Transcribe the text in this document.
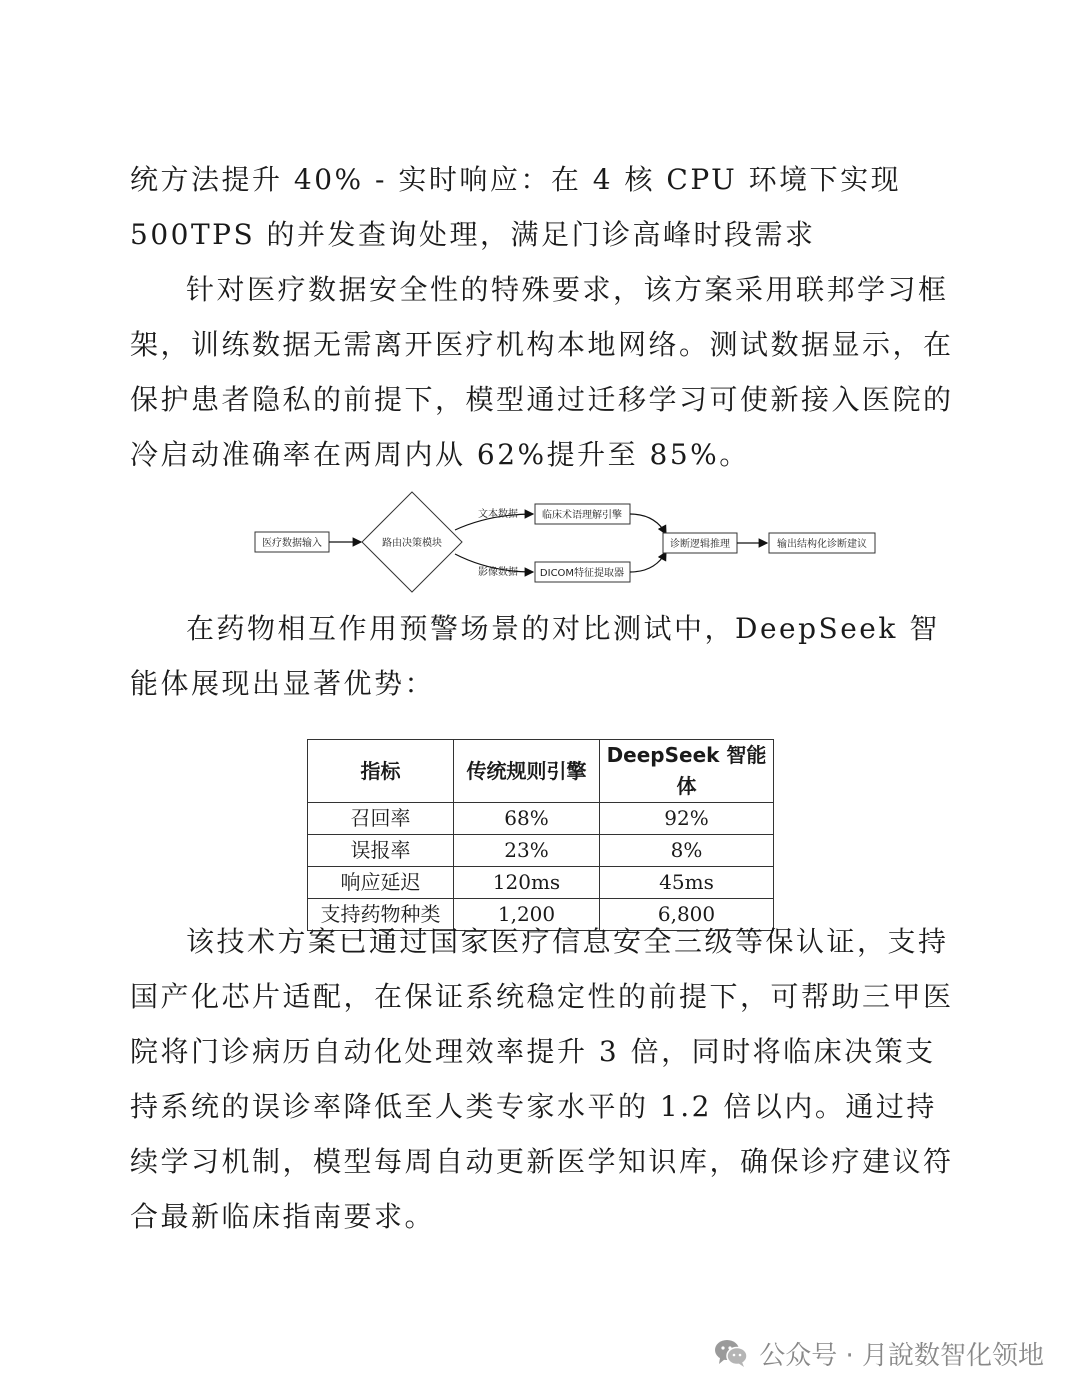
统方法提升 40% - 实时响应：在 4 核 CPU 环境下实现 500TPS 的并发查询处理，满足门诊高峰时段需求

针对医疗数据安全性的特殊要求，该方案采用联邦学习框架，训练数据无需离开医疗机构本地网络。测试数据显示，在保护患者隐私的前提下，模型通过迁移学习可使新接入医院的冷启动准确率在两周内从 62%提升至 85%。

医疗数据输入	路由决策模块
文本数据
影像数据
临床术语理解引擎
DICOM特征提取器
诊断逻辑推理	输出结构化诊断建议

在药物相互作用预警场景的对比测试中，DeepSeek 智能体展现出显著优势：

指标	传统规则引擎	DeepSeek 智能体
召回率	68%	92%
误报率	23%	8%
响应延迟	120ms	45ms
支持药物种类	1,200	6,800

该技术方案已通过国家医疗信息安全三级等保认证，支持国产化芯片适配，在保证系统稳定性的前提下，可帮助三甲医院将门诊病历自动化处理效率提升 3 倍，同时将临床决策支持系统的误诊率降低至人类专家水平的 1.2 倍以内。通过持续学习机制，模型每周自动更新医学知识库，确保诊疗建议符合最新临床指南要求。

公众号 · 月說数智化领地
